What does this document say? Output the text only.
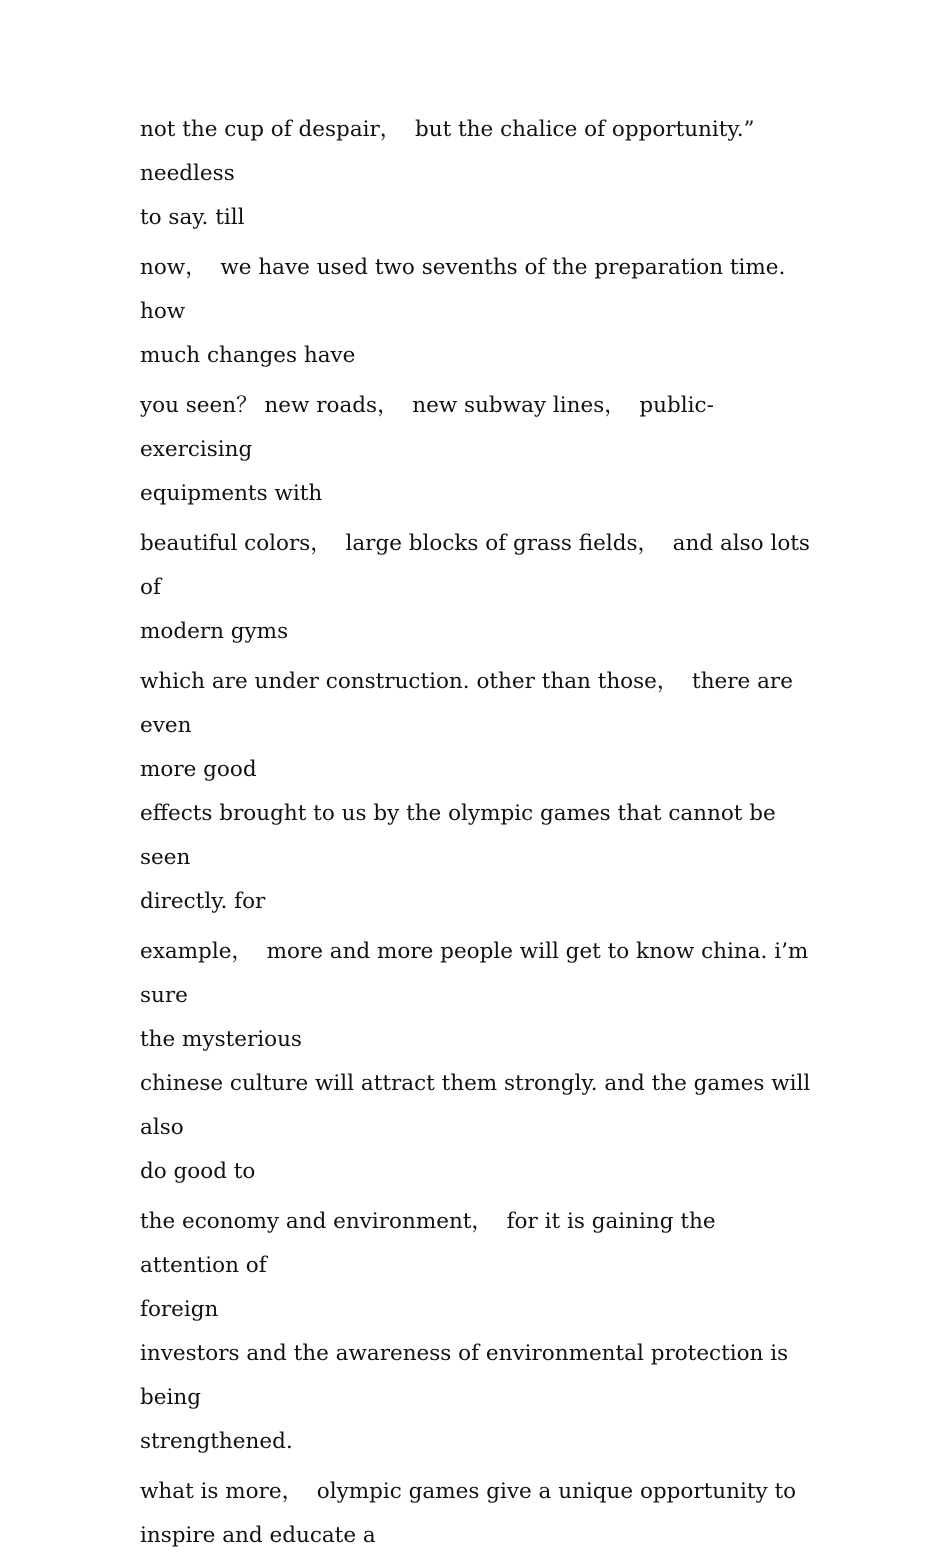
not the cup of despair，  but the chalice of opportunity.” needless
to say. till

now，  we have used two sevenths of the preparation time. how
much changes have

you seen？ new roads，  new subway lines，  public-exercising
equipments with

beautiful colors，  large blocks of grass fields，  and also lots of
modern gyms

which are under construction. other than those，  there are even
more good

effects brought to us by the olympic games that cannot be seen
directly. for

example，  more and more people will get to know china. i’m sure
the mysterious

chinese culture will attract them strongly. and the games will also
do good to

the economy and environment，  for it is gaining the attention of
foreign

investors and the awareness of environmental protection is being
strengthened.

what is more，  olympic games give a unique opportunity to
inspire and educate a
